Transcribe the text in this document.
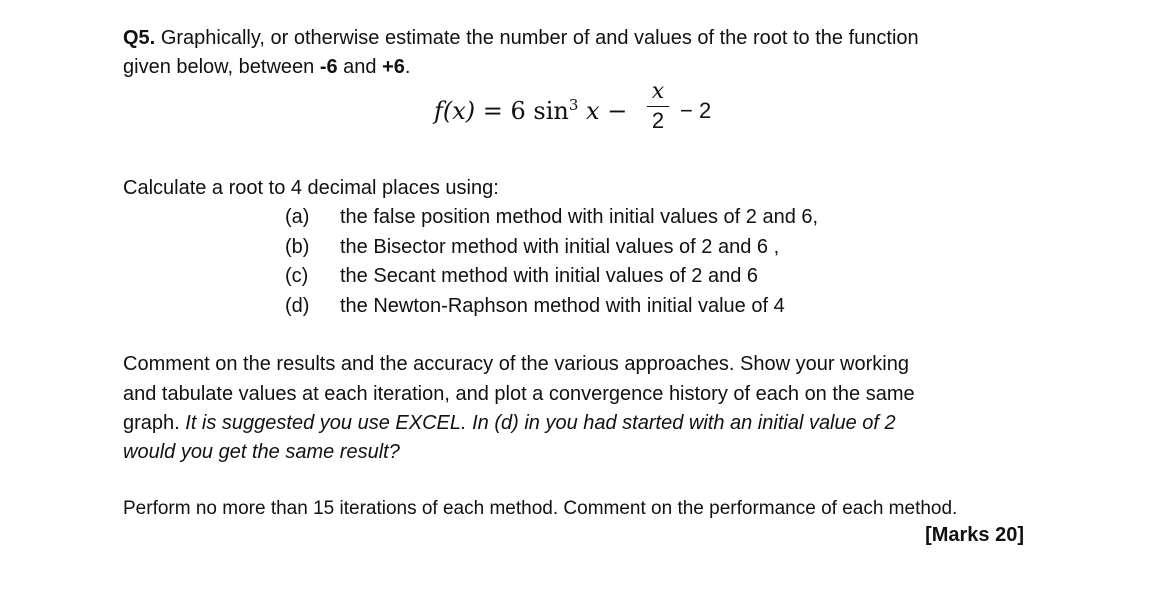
Q5. Graphically, or otherwise estimate the number of and values of the root to the function
given below, between -6 and +6.
f(x) = 6 $\sin^3 x$ −
x
2 − 2
Calculate a root to 4 decimal places using:
(a) the false position method with initial values of 2 and 6,
(b) the Bisector method with initial values of 2 and 6 ,
(c) the Secant method with initial values of 2 and 6
(d) the Newton-Raphson method with initial value of 4
Comment on the results and the accuracy of the various approaches. Show your working
and tabulate values at each iteration, and plot a convergence history of each on the same
graph. It is suggested you use EXCEL. In (d) in you had started with an initial value of 2
would you get the same result?
Perform no more than 15 iterations of each method. Comment on the performance of each method.
[Marks 20]
